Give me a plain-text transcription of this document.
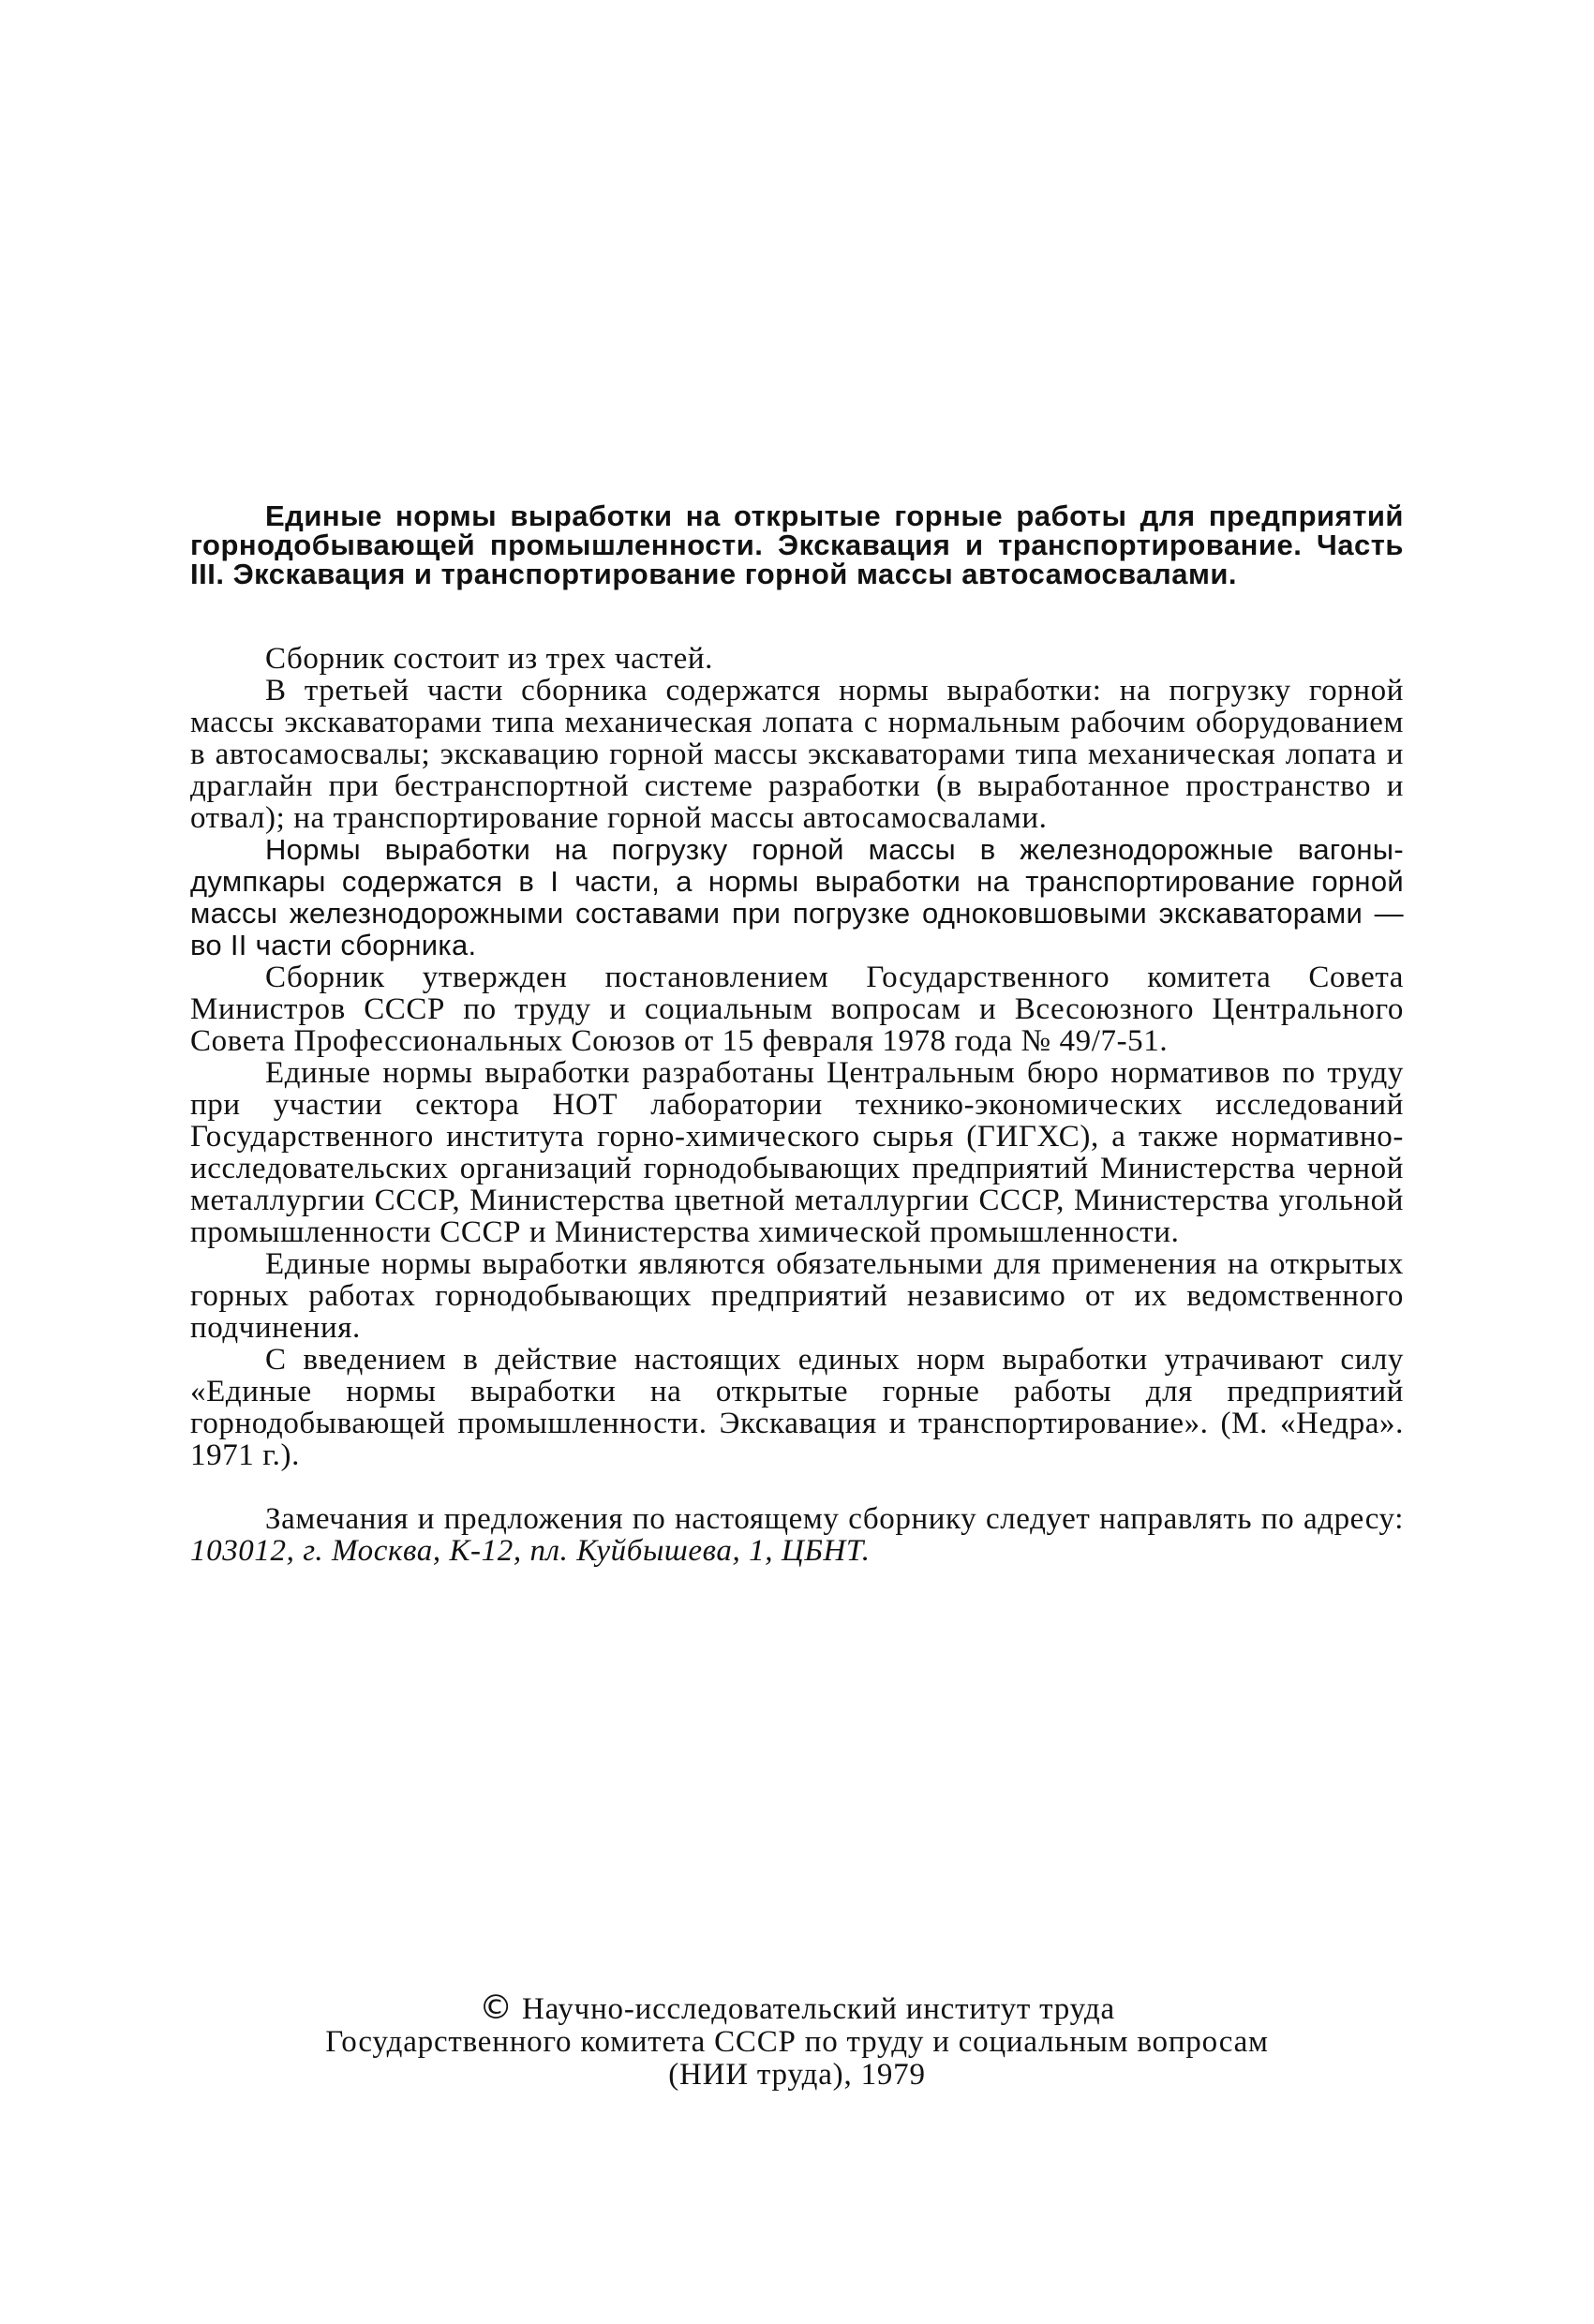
Единые нормы выработки на открытые горные работы для предприятий горнодобывающей промышленности. Экскавация и транспортирование. Часть III. Экскавация и транспортирование горной массы автосамосвалами.

Сборник состоит из трех частей.

В третьей части сборника содержатся нормы выработки: на погрузку горной массы экскаваторами типа механическая лопата с нормальным рабочим оборудованием в автосамосвалы; экскавацию горной массы экскаваторами типа механическая лопата и драглайн при бестранспортной системе разработки (в выработанное пространство и отвал); на транспортирование горной массы автосамосвалами.

Нормы выработки на погрузку горной массы в железнодорожные вагоны-думпкары содержатся в I части, а нормы выработки на транспортирование горной массы железнодорожными составами при погрузке одноковшовыми экскаваторами — во II части сборника.

Сборник утвержден постановлением Государственного комитета Совета Министров СССР по труду и социальным вопросам и Всесоюзного Центрального Совета Профессиональных Союзов от 15 февраля 1978 года № 49/7-51.

Единые нормы выработки разработаны Центральным бюро нормативов по труду при участии сектора НОТ лаборатории технико-экономических исследований Государственного института горно-химического сырья (ГИГХС), а также нормативно-исследовательских организаций горнодобывающих предприятий Министерства черной металлургии СССР, Министерства цветной металлургии СССР, Министерства угольной промышленности СССР и Министерства химической промышленности.

Единые нормы выработки являются обязательными для применения на открытых горных работах горнодобывающих предприятий независимо от их ведомственного подчинения.

С введением в действие настоящих единых норм выработки утрачивают силу «Единые нормы выработки на открытые горные работы для предприятий горнодобывающей промышленности. Экскавация и транспортирование». (М. «Недра». 1971 г.).

Замечания и предложения по настоящему сборнику следует направлять по адресу: 103012, г. Москва, К-12, пл. Куйбышева, 1, ЦБНТ.

© Научно-исследовательский институт труда
Государственного комитета СССР по труду и социальным вопросам
(НИИ труда), 1979
